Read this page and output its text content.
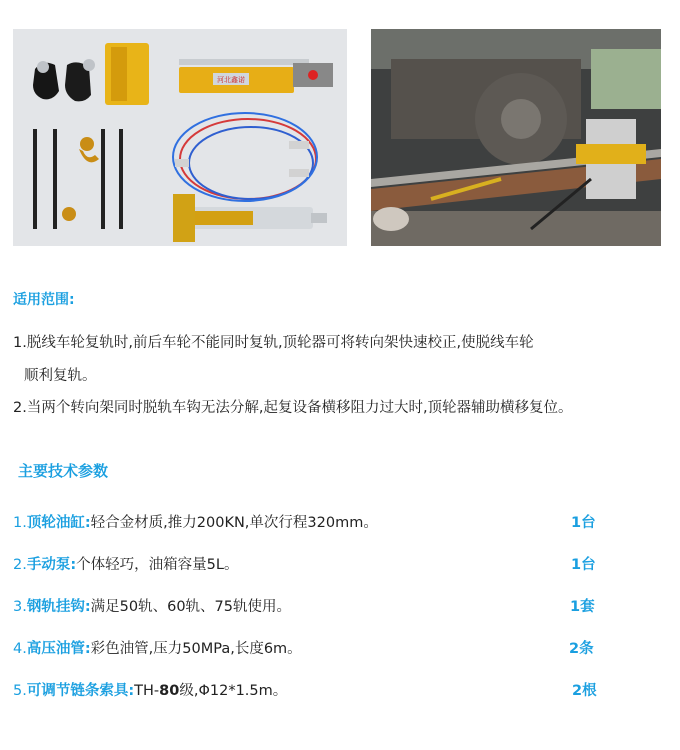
河北鑫诺
适用范围:
1.脱线车轮复轨时,前后车轮不能同时复轨,顶轮器可将转向架快速校正,使脱线车轮
顺利复轨。
2.当两个转向架同时脱轨车钩无法分解,起复设备横移阻力过大时,顶轮器辅助横移复位。
主要技术参数
1.顶轮油缸:轻合金材质,推力200KN,单次行程320mm。	1台
2.手动泵:个体轻巧，油箱容量5L。	1台
3.钢轨挂钩:满足50轨、60轨、75轨使用。	1套
4.高压油管:彩色油管,压力50MPa,长度6m。	2条
5.可调节链条索具:TH-80级,Φ12*1.5m。	2根
